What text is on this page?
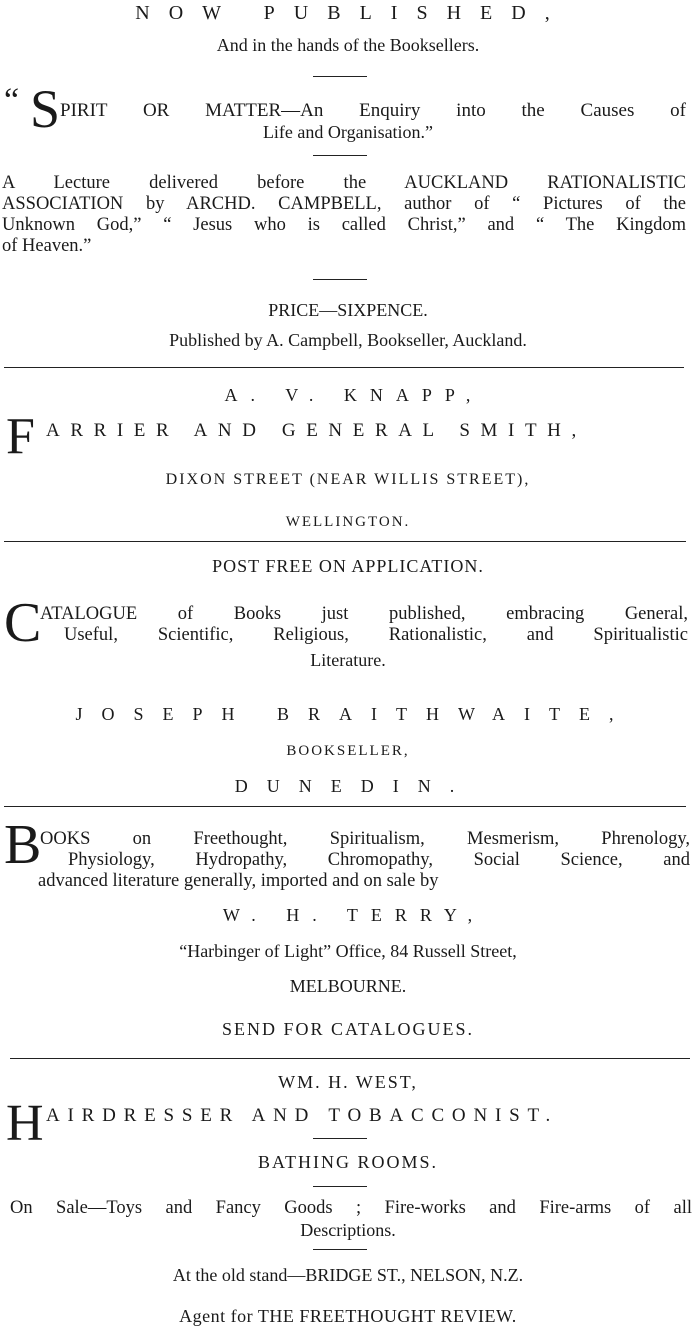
NOW PUBLISHED,
And in the hands of the Booksellers.
“ S PIRIT OR MATTER—An Enquiry into the Causes of
Life and Organisation.”
A Lecture delivered before the AUCKLAND RATIONALISTIC
ASSOCIATION by ARCHD. CAMPBELL, author of “ Pictures of the
Unknown God,” “ Jesus who is called Christ,” and “ The Kingdom
of Heaven.”
PRICE—SIXPENCE.
Published by A. Campbell, Bookseller, Auckland.
A. V. KNAPP,
F ARRIER AND GENERAL SMITH,
DIXON STREET (NEAR WILLIS STREET),
WELLINGTON.
POST FREE ON APPLICATION.
C
ATALOGUE of Books just published, embracing General,
Useful, Scientific, Religious, Rationalistic, and Spiritualistic
Literature.
JOSEPH BRAITHWAITE,
BOOKSELLER,
DUNEDIN.
B
OOKS on Freethought, Spiritualism, Mesmerism, Phrenology,
Physiology, Hydropathy, Chromopathy, Social Science, and
advanced literature generally, imported and on sale by
W. H. TERRY,
“Harbinger of Light” Office, 84 Russell Street,
MELBOURNE.
SEND FOR CATALOGUES.
WM. H. WEST,
H AIRDRESSER AND TOBACCONIST.
BATHING ROOMS.
On Sale—Toys and Fancy Goods ; Fire-works and Fire-arms of all
Descriptions.
At the old stand—BRIDGE ST., NELSON, N.Z.
Agent for THE FREETHOUGHT REVIEW.
